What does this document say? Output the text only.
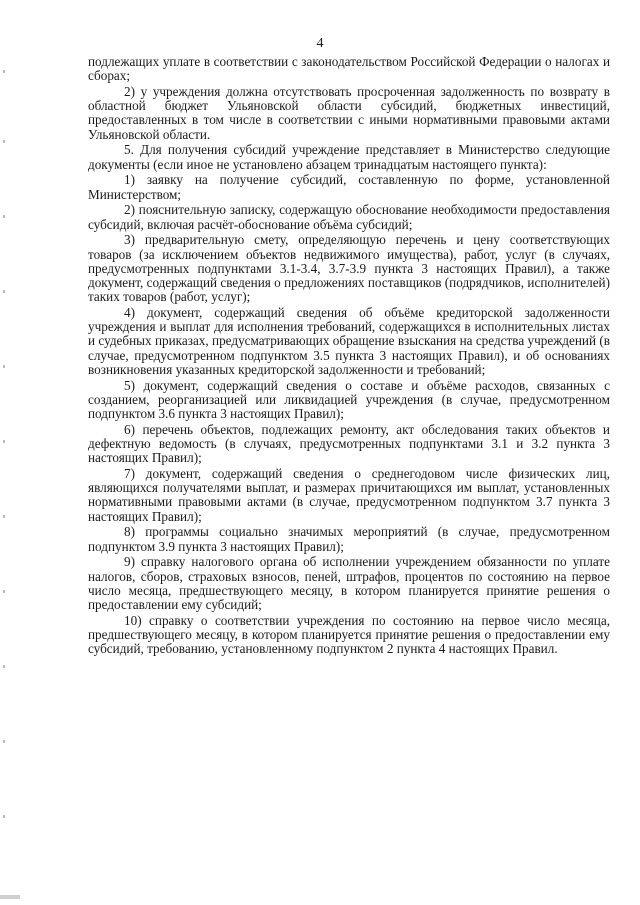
4

подлежащих уплате в соответствии с законодательством Российской Федерации о налогах и сборах;

2) у учреждения должна отсутствовать просроченная задолженность по возврату в областной бюджет Ульяновской области субсидий, бюджетных инвестиций, предоставленных в том числе в соответствии с иными нормативными правовыми актами Ульяновской области.

5. Для получения субсидий учреждение представляет в Министерство следующие документы (если иное не установлено абзацем тринадцатым настоящего пункта):

1) заявку на получение субсидий, составленную по форме, установленной Министерством;

2) пояснительную записку, содержащую обоснование необходимости предоставления субсидий, включая расчёт-обоснование объёма субсидий;

3) предварительную смету, определяющую перечень и цену соответствующих товаров (за исключением объектов недвижимого имущества), работ, услуг (в случаях, предусмотренных подпунктами 3.1-3.4, 3.7-3.9 пункта 3 настоящих Правил), а также документ, содержащий сведения о предложениях поставщиков (подрядчиков, исполнителей) таких товаров (работ, услуг);

4) документ, содержащий сведения об объёме кредиторской задолженности учреждения и выплат для исполнения требований, содержащихся в исполнительных листах и судебных приказах, предусматривающих обращение взыскания на средства учреждений (в случае, предусмотренном подпунктом 3.5 пункта 3 настоящих Правил), и об основаниях возникновения указанных кредиторской задолженности и требований;

5) документ, содержащий сведения о составе и объёме расходов, связанных с созданием, реорганизацией или ликвидацией учреждения (в случае, предусмотренном подпунктом 3.6 пункта 3 настоящих Правил);

6) перечень объектов, подлежащих ремонту, акт обследования таких объектов и дефектную ведомость (в случаях, предусмотренных подпунктами 3.1 и 3.2 пункта 3 настоящих Правил);

7) документ, содержащий сведения о среднегодовом числе физических лиц, являющихся получателями выплат, и размерах причитающихся им выплат, установленных нормативными правовыми актами (в случае, предусмотренном подпунктом 3.7 пункта 3 настоящих Правил);

8) программы социально значимых мероприятий (в случае, предусмотренном подпунктом 3.9 пункта 3 настоящих Правил);

9) справку налогового органа об исполнении учреждением обязанности по уплате налогов, сборов, страховых взносов, пеней, штрафов, процентов по состоянию на первое число месяца, предшествующего месяцу, в котором планируется принятие решения о предоставлении ему субсидий;

10) справку о соответствии учреждения по состоянию на первое число месяца, предшествующего месяцу, в котором планируется принятие решения о предоставлении ему субсидий, требованию, установленному подпунктом 2 пункта 4 настоящих Правил.
